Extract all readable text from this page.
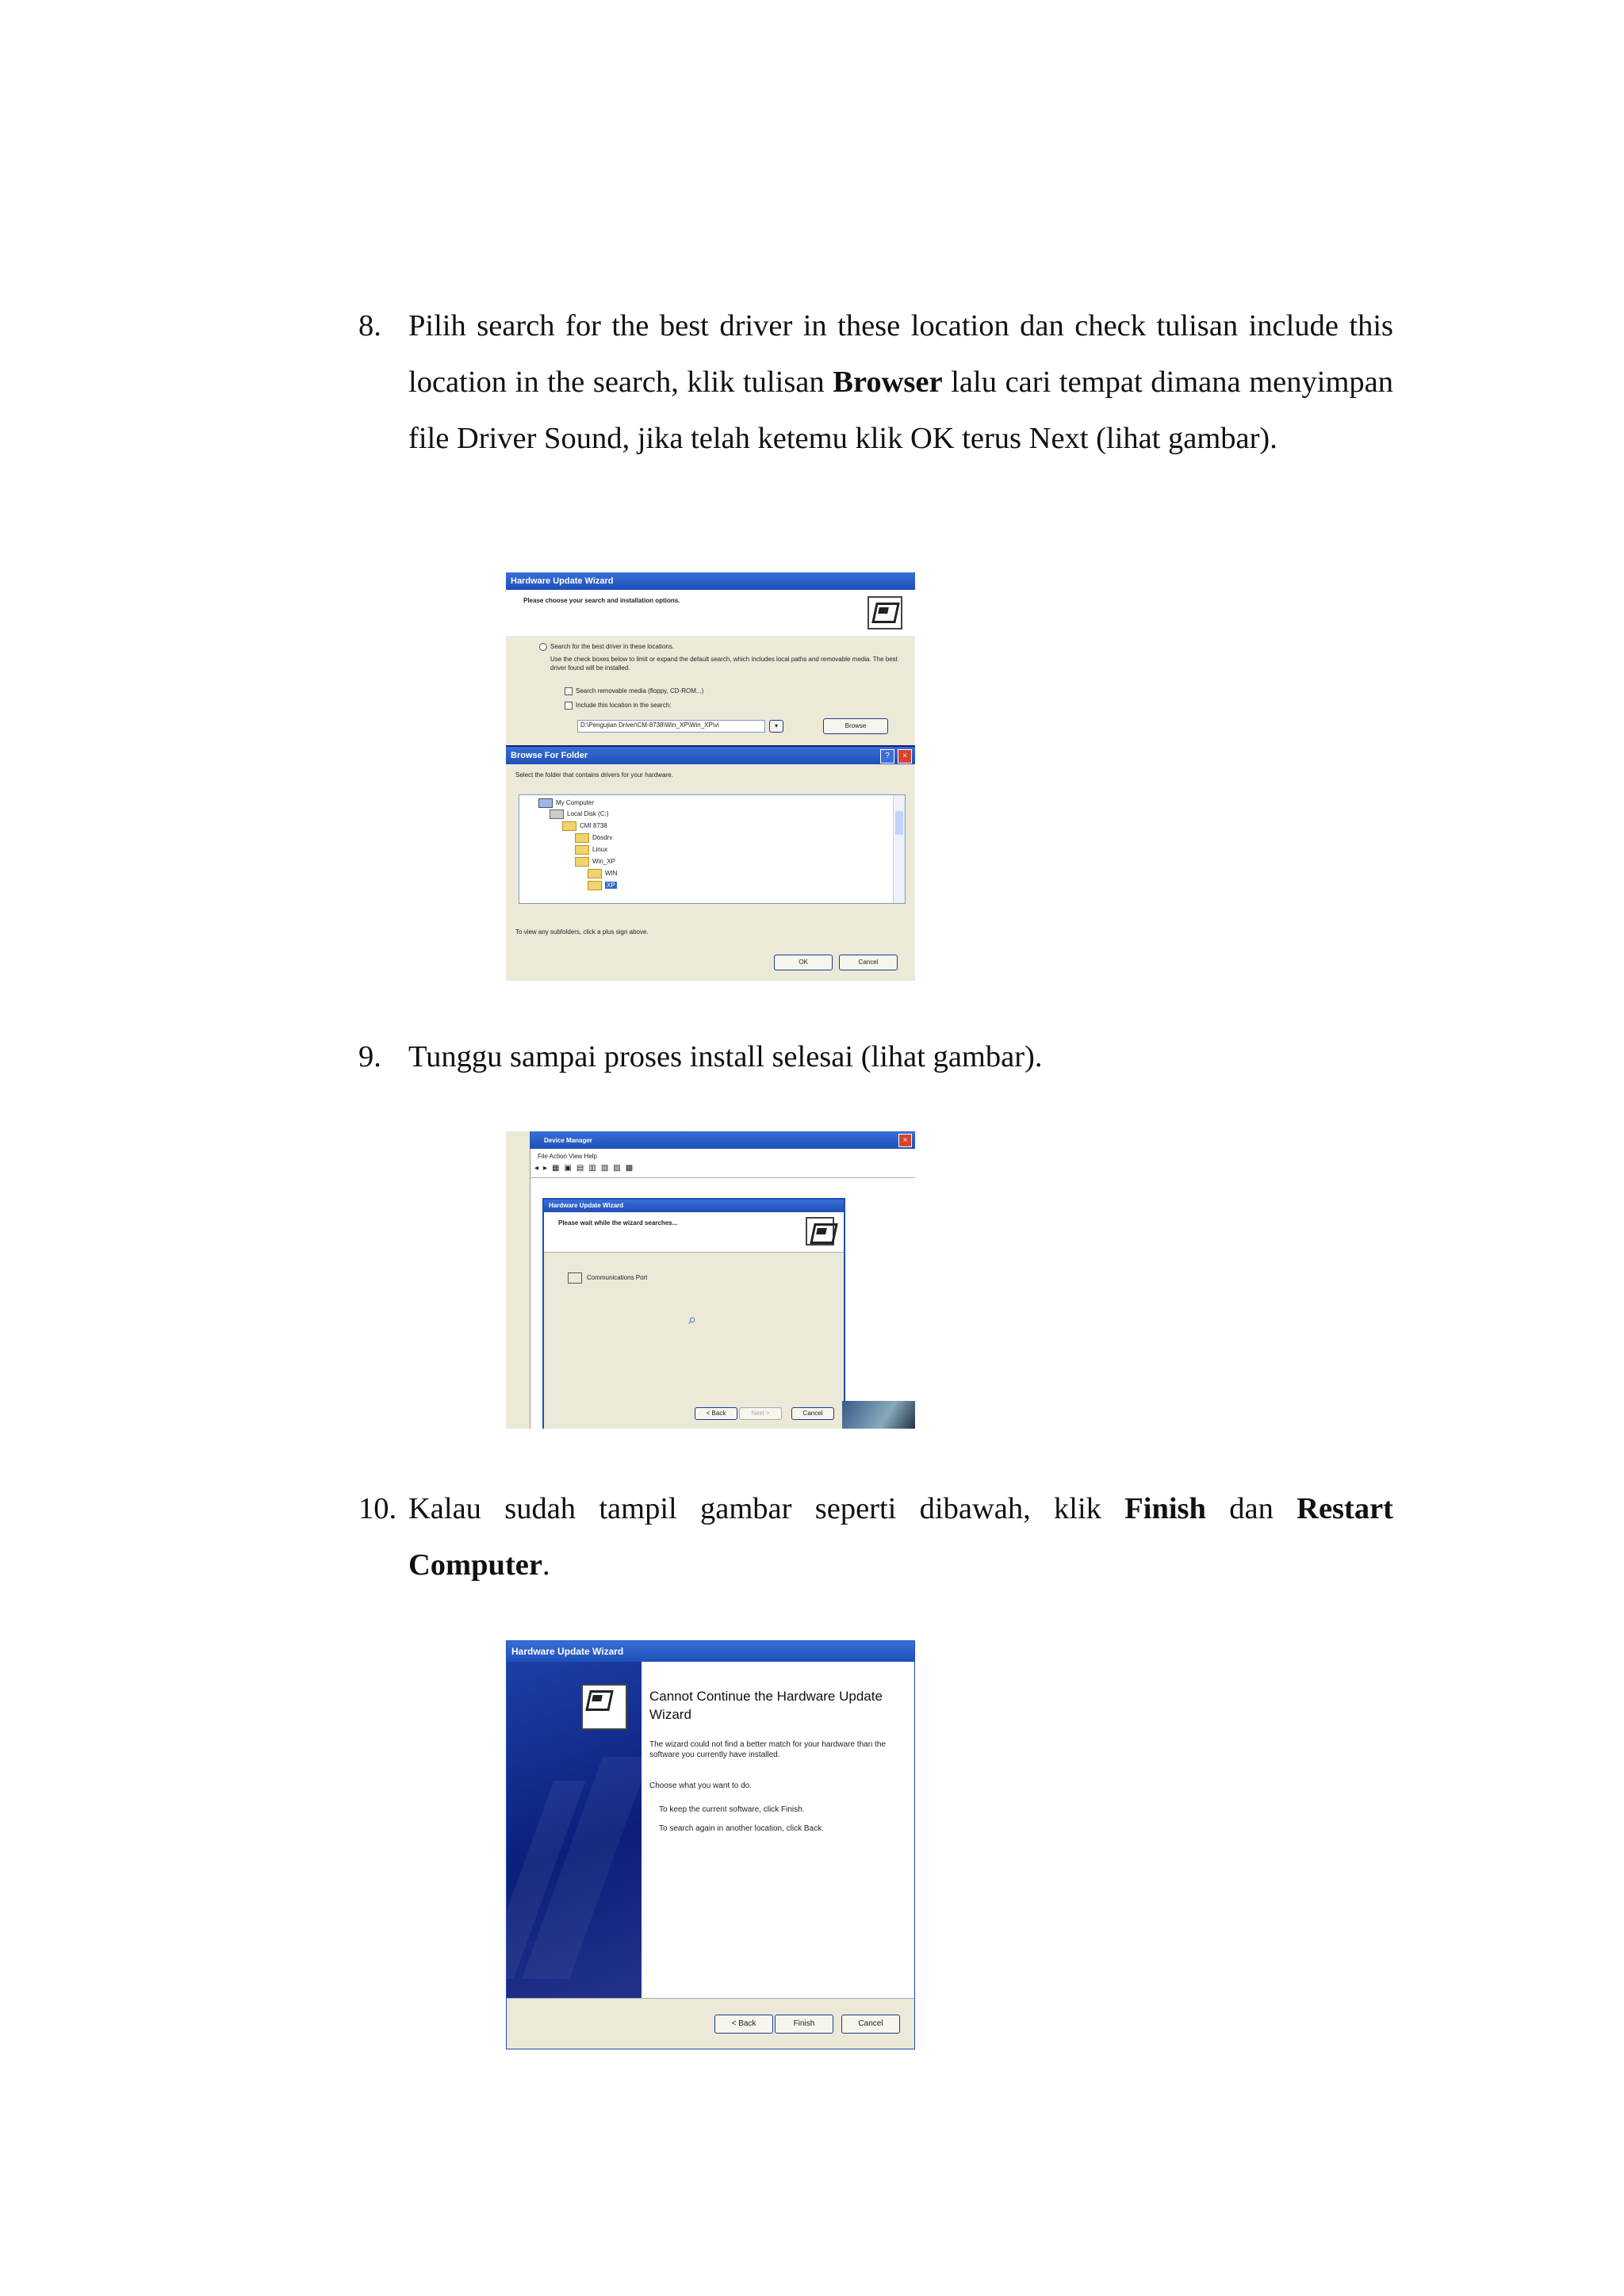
8. Pilih search for the best driver in these location dan check tulisan include this location in the search, klik tulisan Browser lalu cari tempat dimana menyimpan file Driver Sound, jika telah ketemu klik OK terus Next (lihat gambar).
Hardware Update Wizard
Please choose your search and installation options.
Search for the best driver in these locations.
Use the check boxes below to limit or expand the default search, which includes local paths and removable media. The best driver found will be installed.
Search removable media (floppy, CD-ROM...)
Include this location in the search:
D:\Pengujian Driver\CM-8738\Win_XP\Win_XP\vi	▾	Browse
Browse For Folder	?	×
Select the folder that contains drivers for your hardware.
My Computer
Local Disk (C:)
CMI 8738
Dosdrv
Linux
Win_XP
WIN
XP
To view any subfolders, click a plus sign above.
OK	Cancel
9. Tunggu sampai proses install selesai (lihat gambar).
Device Manager	×
File Action View Help
◂▸▦▣▤▥▧▨▩
Hardware Update Wizard
Please wait while the wizard searches...
Communications Port
⌕
< Back	Next >	Cancel
10. Kalau sudah tampil gambar seperti dibawah, klik Finish dan Restart Computer.
Hardware Update Wizard
Cannot Continue the Hardware Update Wizard
The wizard could not find a better match for your hardware than the software you currently have installed.
Choose what you want to do.
To keep the current software, click Finish.
To search again in another location, click Back.
< Back	Finish	Cancel
